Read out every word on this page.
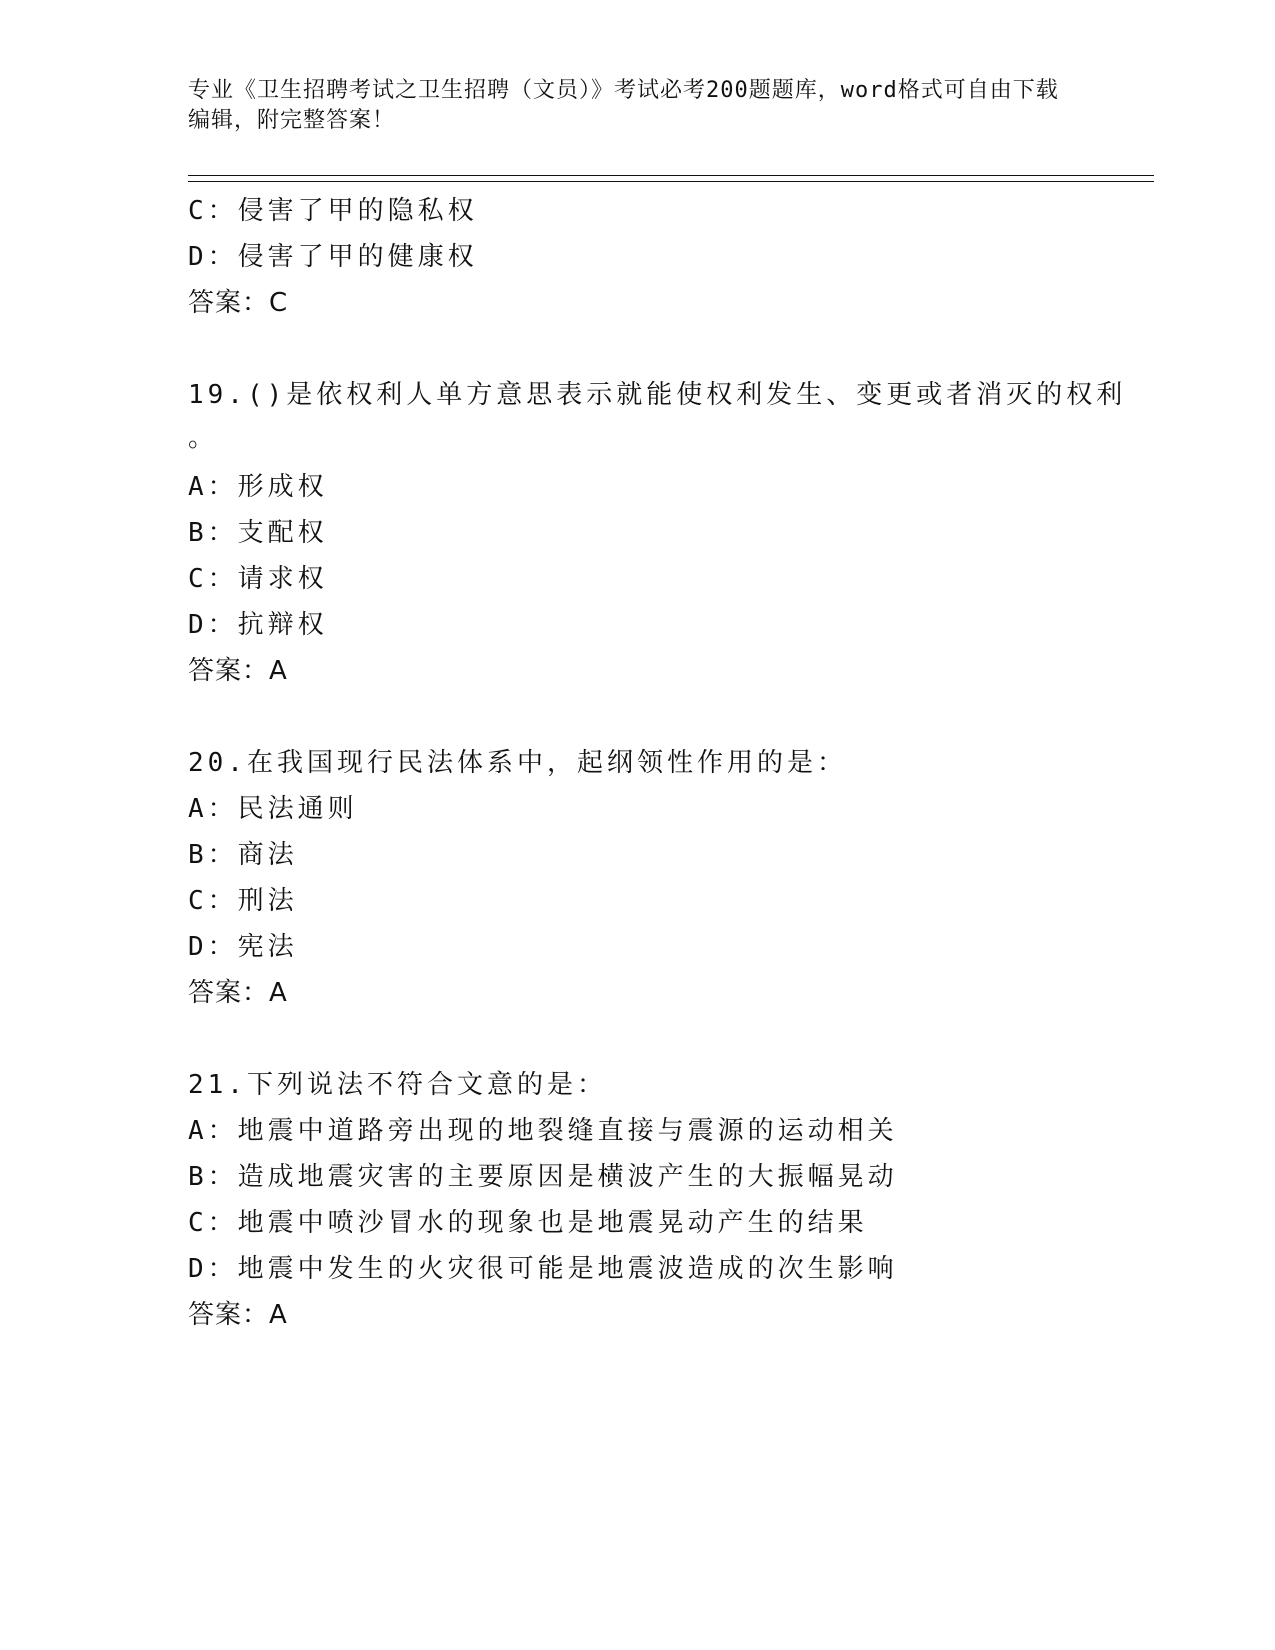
专业《卫生招聘考试之卫生招聘（文员）》考试必考200题题库，word格式可自由下载编辑，附完整答案！
C：侵害了甲的隐私权
D：侵害了甲的健康权
答案：C
19.()是依权利人单方意思表示就能使权利发生、变更或者消灭的权利
。
A：形成权
B：支配权
C：请求权
D：抗辩权
答案：A
20.在我国现行民法体系中，起纲领性作用的是：
A：民法通则
B：商法
C：刑法
D：宪法
答案：A
21.下列说法不符合文意的是：
A：地震中道路旁出现的地裂缝直接与震源的运动相关
B：造成地震灾害的主要原因是横波产生的大振幅晃动
C：地震中喷沙冒水的现象也是地震晃动产生的结果
D：地震中发生的火灾很可能是地震波造成的次生影响
答案：A
